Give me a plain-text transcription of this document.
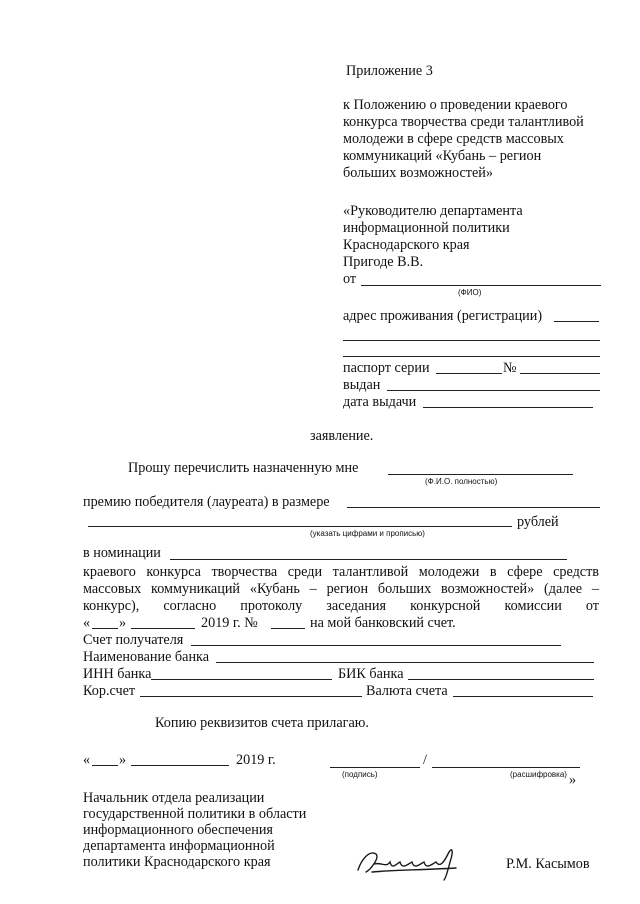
Приложение 3
к Положению о проведении краевого
конкурса творчества среди талантливой
молодежи в сфере средств массовых
коммуникаций «Кубань – регион
больших возможностей»
«Руководителю департамента
информационной политики
Краснодарского края
Пригоде В.В.
от
(ФИО)
адрес проживания (регистрации)
паспорт серии	№
выдан
дата выдачи
заявление.
Прошу перечислить назначенную мне
(Ф.И.О. полностью)
премию победителя (лауреата) в размере
рублей
(указать цифрами и прописью)
в номинации
краевого конкурса творчества среди талантливой молодежи в сфере средств
массовых коммуникаций «Кубань – регион больших возможностей» (далее –
конкурс), согласно протоколу заседания конкурсной комиссии от
« »	2019 г. №	на мой банковский счет.
Счет получателя
Наименование банка
ИНН банка	БИК банка
Кор.счет	Валюта счета
Копию реквизитов счета прилагаю.
« »	2019 г.	/
(подпись)	(расшифровка) »
Начальник отдела реализации
государственной политики в области
информационного обеспечения
департамента информационной
политики Краснодарского края	Р.М. Касымов
